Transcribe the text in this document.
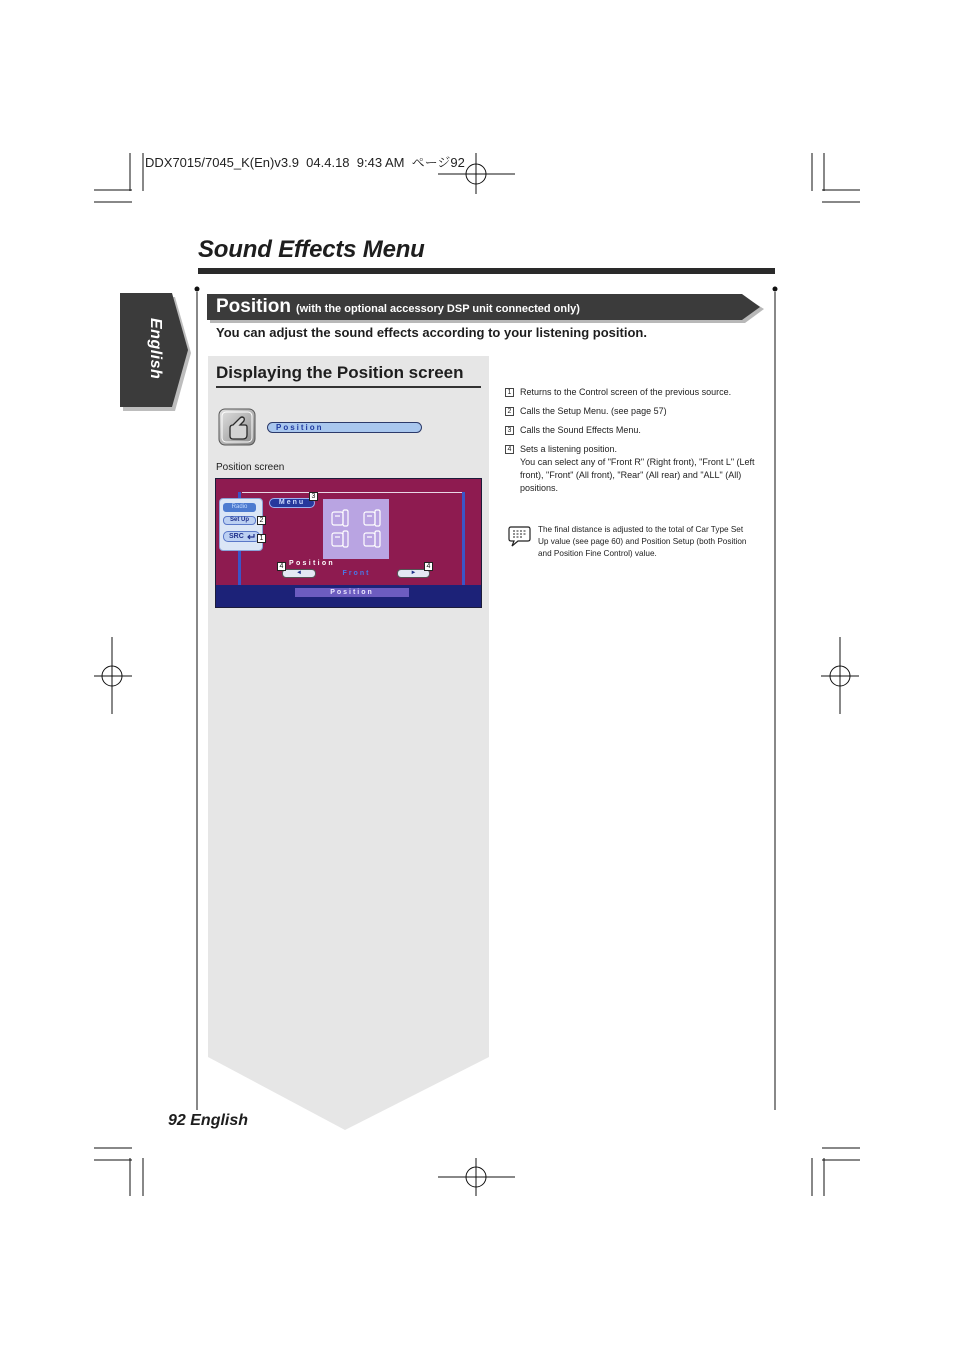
DDX7015/7045_K(En)v3.9  04.4.18  9:43 AM  ページ92
Sound Effects Menu
English
Position (with the optional accessory DSP unit connected only)
You can adjust the sound effects according to your listening position.
Displaying the Position screen
Position
Position screen
Position
Radio
Set Up
SRC
Menu
Position
◄	Front	►
3
2
1
4	4
1 Returns to the Control screen of the previous source.
2 Calls the Setup Menu. (see page 57)
3 Calls the Sound Effects Menu.
4 Sets a listening position.
You can select any of "Front R" (Right front), "Front L" (Left front), "Front" (All front), "Rear" (All rear) and "ALL" (All) positions.
The final distance is adjusted to the total of Car Type Set Up value (see page 60) and Position Setup (both Position and Position Fine Control) value.
92 English
